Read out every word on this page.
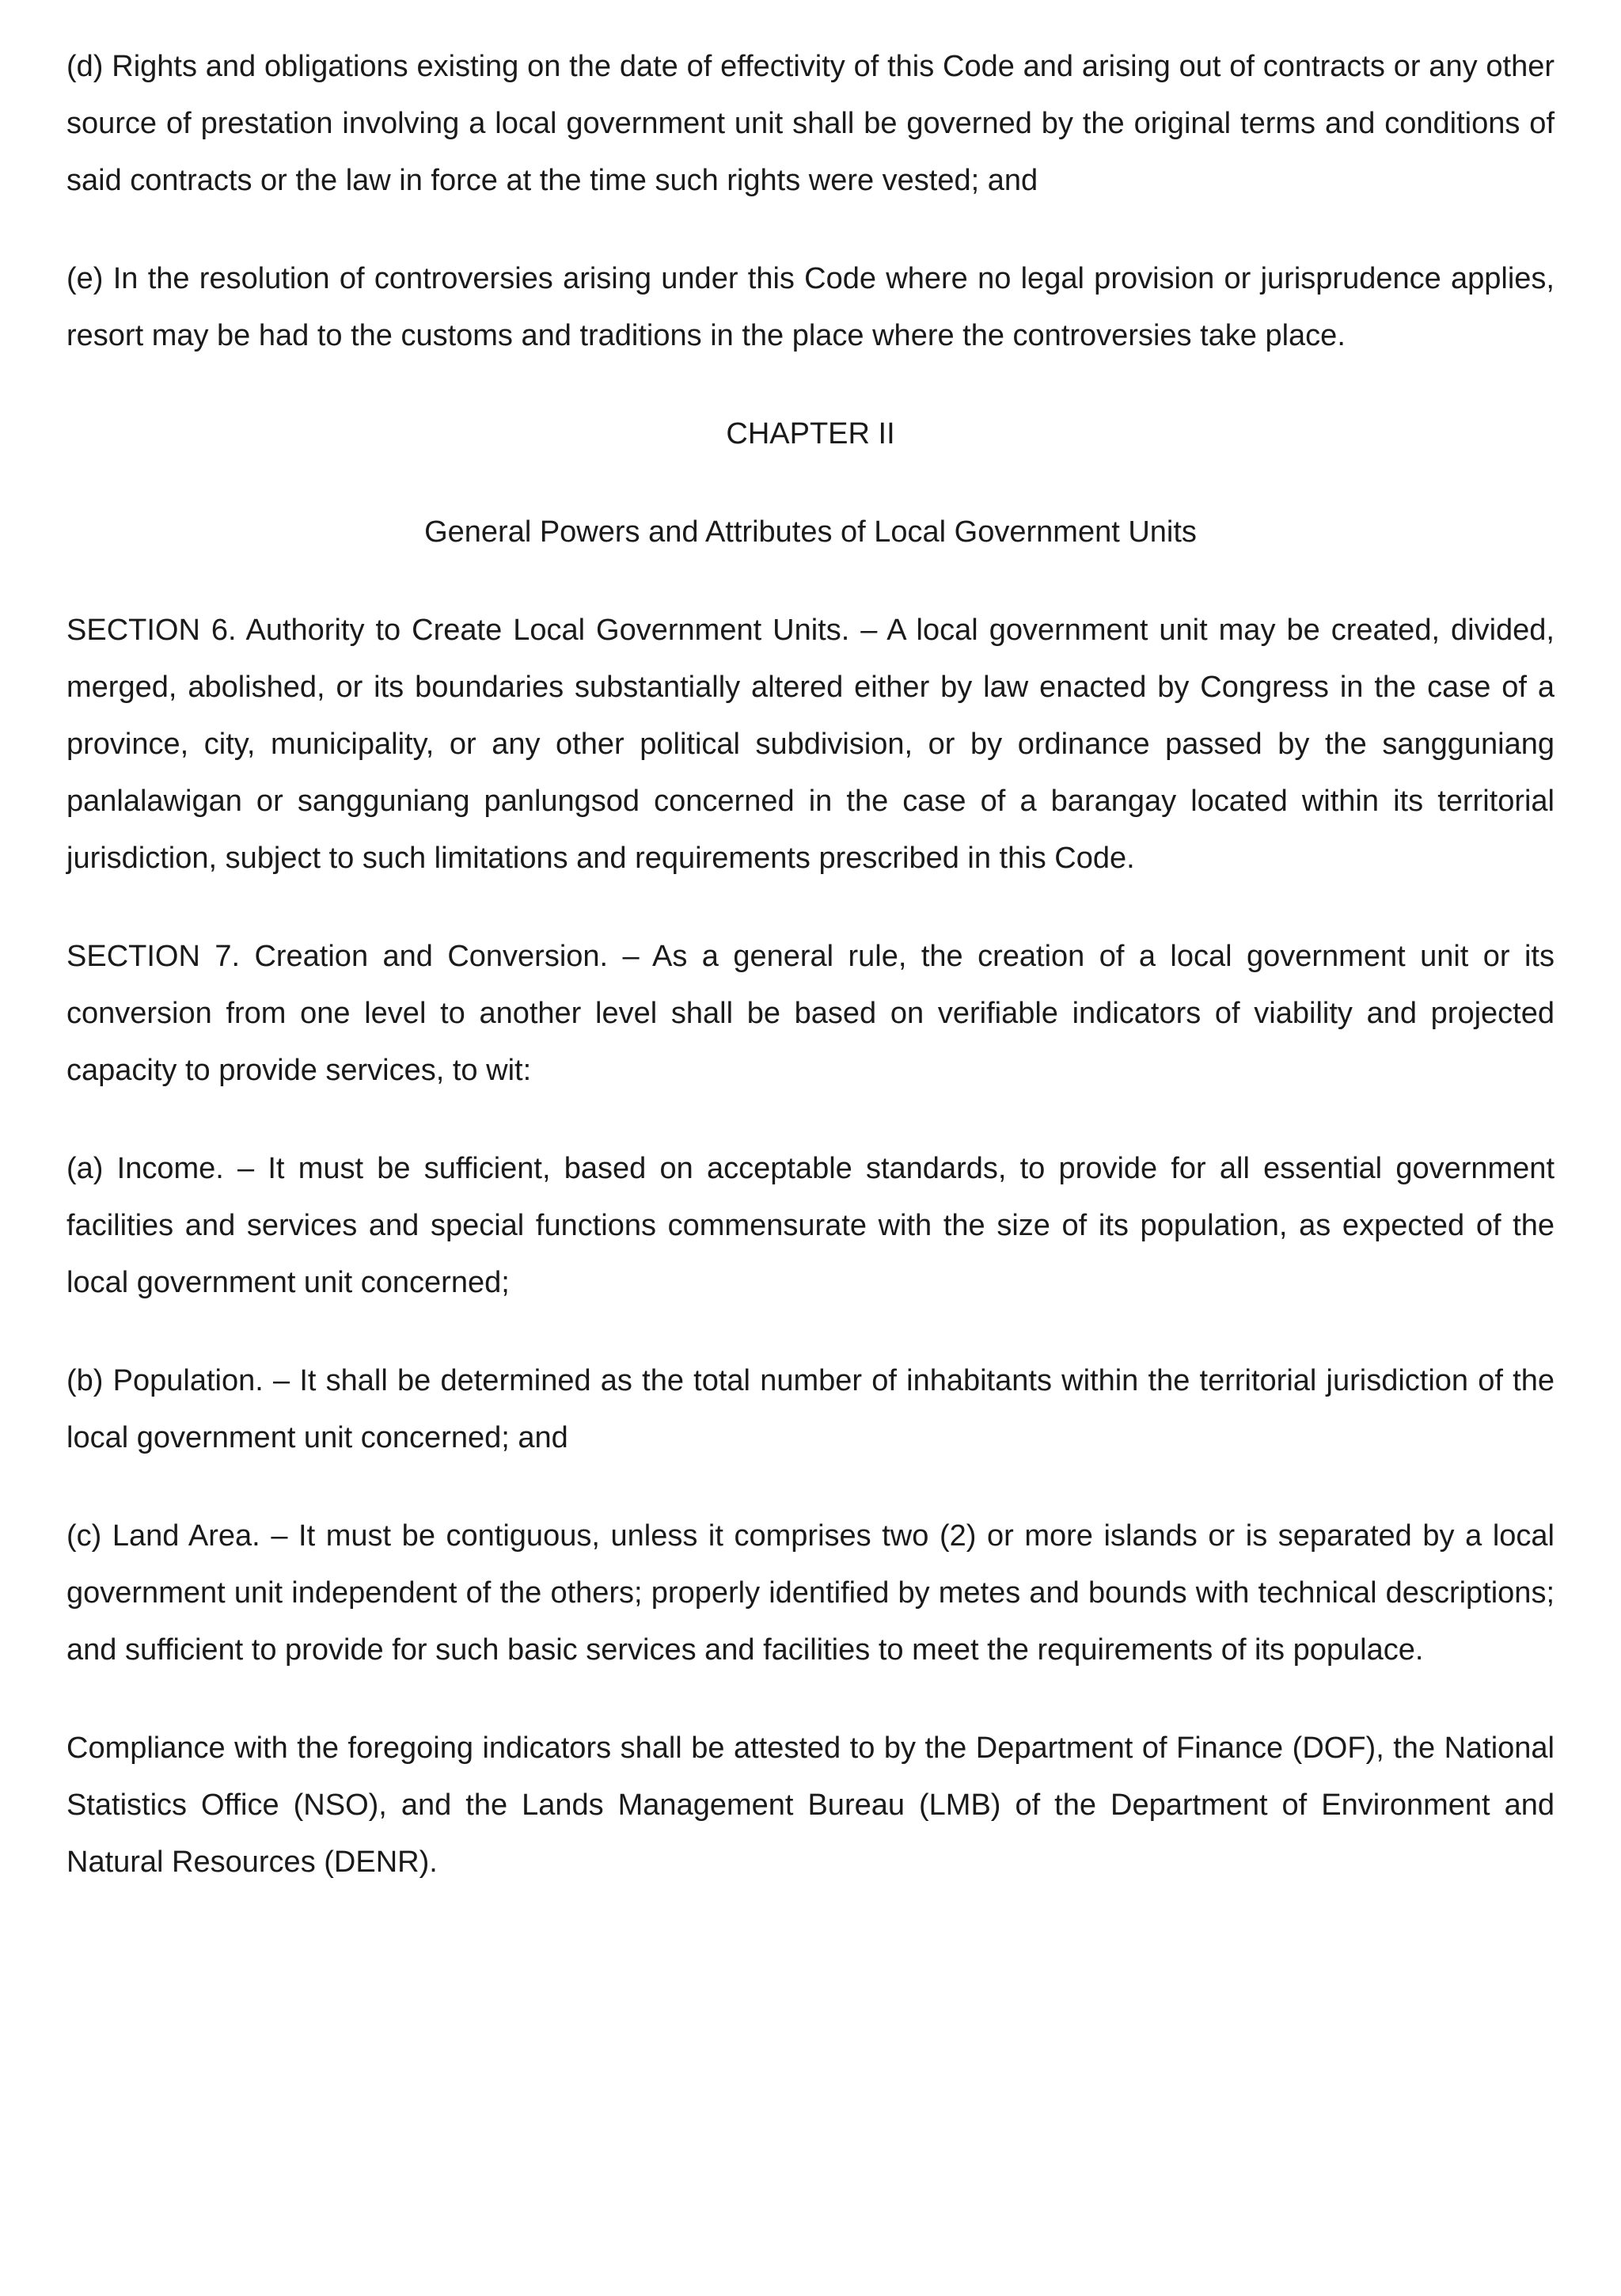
(d) Rights and obligations existing on the date of effectivity of this Code and arising out of contracts or any other source of prestation involving a local government unit shall be governed by the original terms and conditions of said contracts or the law in force at the time such rights were vested; and

(e) In the resolution of controversies arising under this Code where no legal provision or jurisprudence applies, resort may be had to the customs and traditions in the place where the controversies take place.

CHAPTER II

General Powers and Attributes of Local Government Units

SECTION 6. Authority to Create Local Government Units. – A local government unit may be created, divided, merged, abolished, or its boundaries substantially altered either by law enacted by Congress in the case of a province, city, municipality, or any other political subdivision, or by ordinance passed by the sangguniang panlalawigan or sangguniang panlungsod concerned in the case of a barangay located within its territorial jurisdiction, subject to such limitations and requirements prescribed in this Code.

SECTION 7. Creation and Conversion. – As a general rule, the creation of a local government unit or its conversion from one level to another level shall be based on verifiable indicators of viability and projected capacity to provide services, to wit:

(a) Income. – It must be sufficient, based on acceptable standards, to provide for all essential government facilities and services and special functions commensurate with the size of its population, as expected of the local government unit concerned;

(b) Population. – It shall be determined as the total number of inhabitants within the territorial jurisdiction of the local government unit concerned; and

(c) Land Area. – It must be contiguous, unless it comprises two (2) or more islands or is separated by a local government unit independent of the others; properly identified by metes and bounds with technical descriptions; and sufficient to provide for such basic services and facilities to meet the requirements of its populace.

Compliance with the foregoing indicators shall be attested to by the Department of Finance (DOF), the National Statistics Office (NSO), and the Lands Management Bureau (LMB) of the Department of Environment and Natural Resources (DENR).
